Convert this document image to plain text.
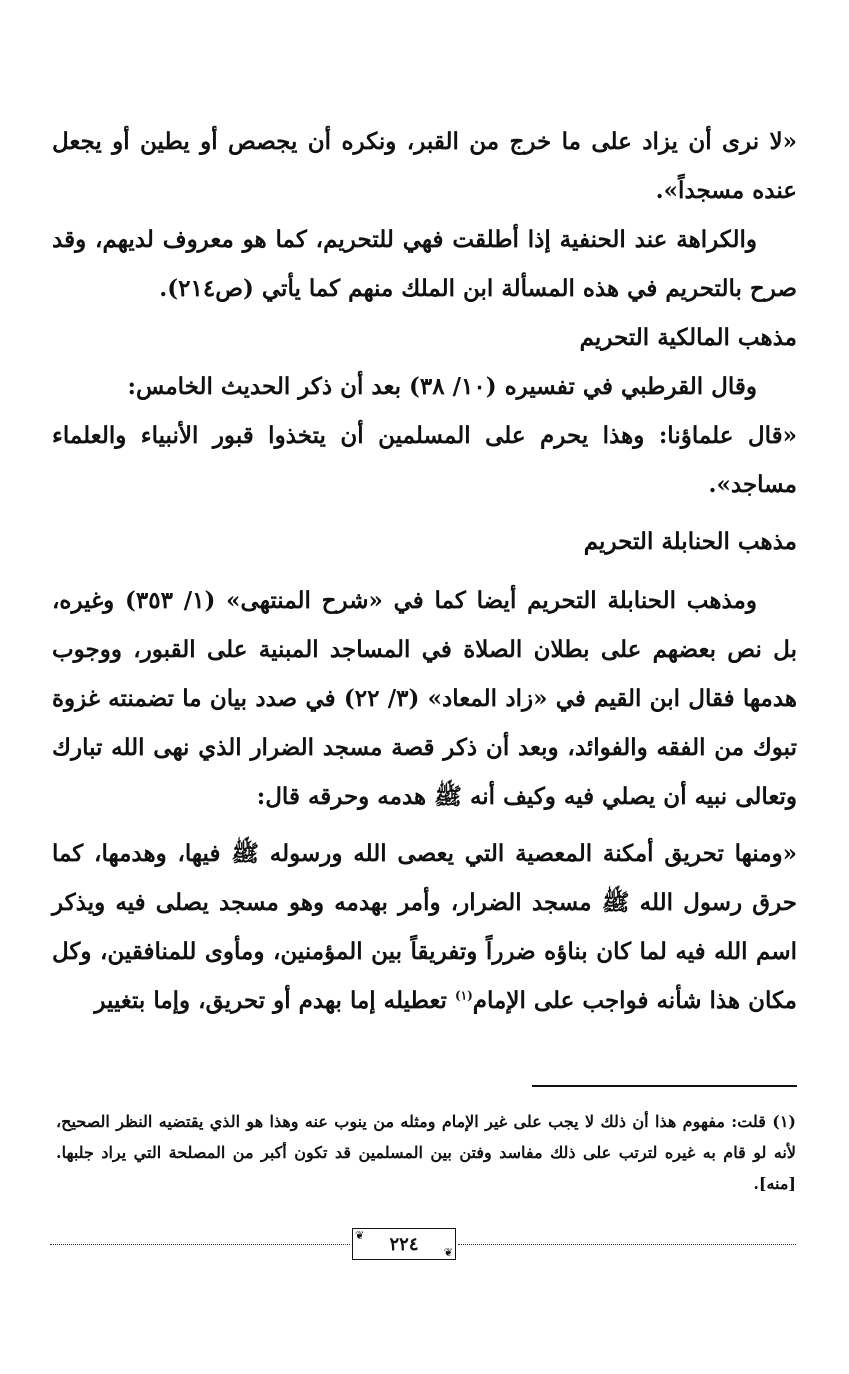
«لا نرى أن يزاد على ما خرج من القبر، ونكره أن يجصص أو يطين أو يجعل عنده مسجداً».

والكراهة عند الحنفية إذا أطلقت فهي للتحريم، كما هو معروف لديهم، وقد صرح بالتحريم في هذه المسألة ابن الملك منهم كما يأتي (ص٢١٤).

مذهب المالكية التحريم

وقال القرطبي في تفسيره (١٠/ ٣٨) بعد أن ذكر الحديث الخامس:

«قال علماؤنا: وهذا يحرم على المسلمين أن يتخذوا قبور الأنبياء والعلماء مساجد».

مذهب الحنابلة التحريم

ومذهب الحنابلة التحريم أيضا كما في «شرح المنتهى» (١/ ٣٥٣) وغيره، بل نص بعضهم على بطلان الصلاة في المساجد المبنية على القبور، ووجوب هدمها فقال ابن القيم في «زاد المعاد» (٣/ ٢٢) في صدد بيان ما تضمنته غزوة تبوك من الفقه والفوائد، وبعد أن ذكر قصة مسجد الضرار الذي نهى الله تبارك وتعالى نبيه أن يصلي فيه وكيف أنه ﷺ هدمه وحرقه قال:

«ومنها تحريق أمكنة المعصية التي يعصى الله ورسوله ﷺ فيها، وهدمها، كما حرق رسول الله ﷺ مسجد الضرار، وأمر بهدمه وهو مسجد يصلى فيه ويذكر اسم الله فيه لما كان بناؤه ضرراً وتفريقاً بين المؤمنين، ومأوى للمنافقين، وكل مكان هذا شأنه فواجب على الإمام$^{(١)}$ تعطيله إما بهدم أو تحريق، وإما بتغيير

(١) قلت: مفهوم هذا أن ذلك لا يجب على غير الإمام ومثله من ينوب عنه وهذا هو الذي يقتضيه النظر الصحيح، لأنه لو قام به غيره لترتب على ذلك مفاسد وفتن بين المسلمين قد تكون أكبر من المصلحة التي يراد جلبها.[منه].

❦ ٢٢٤ ❦
